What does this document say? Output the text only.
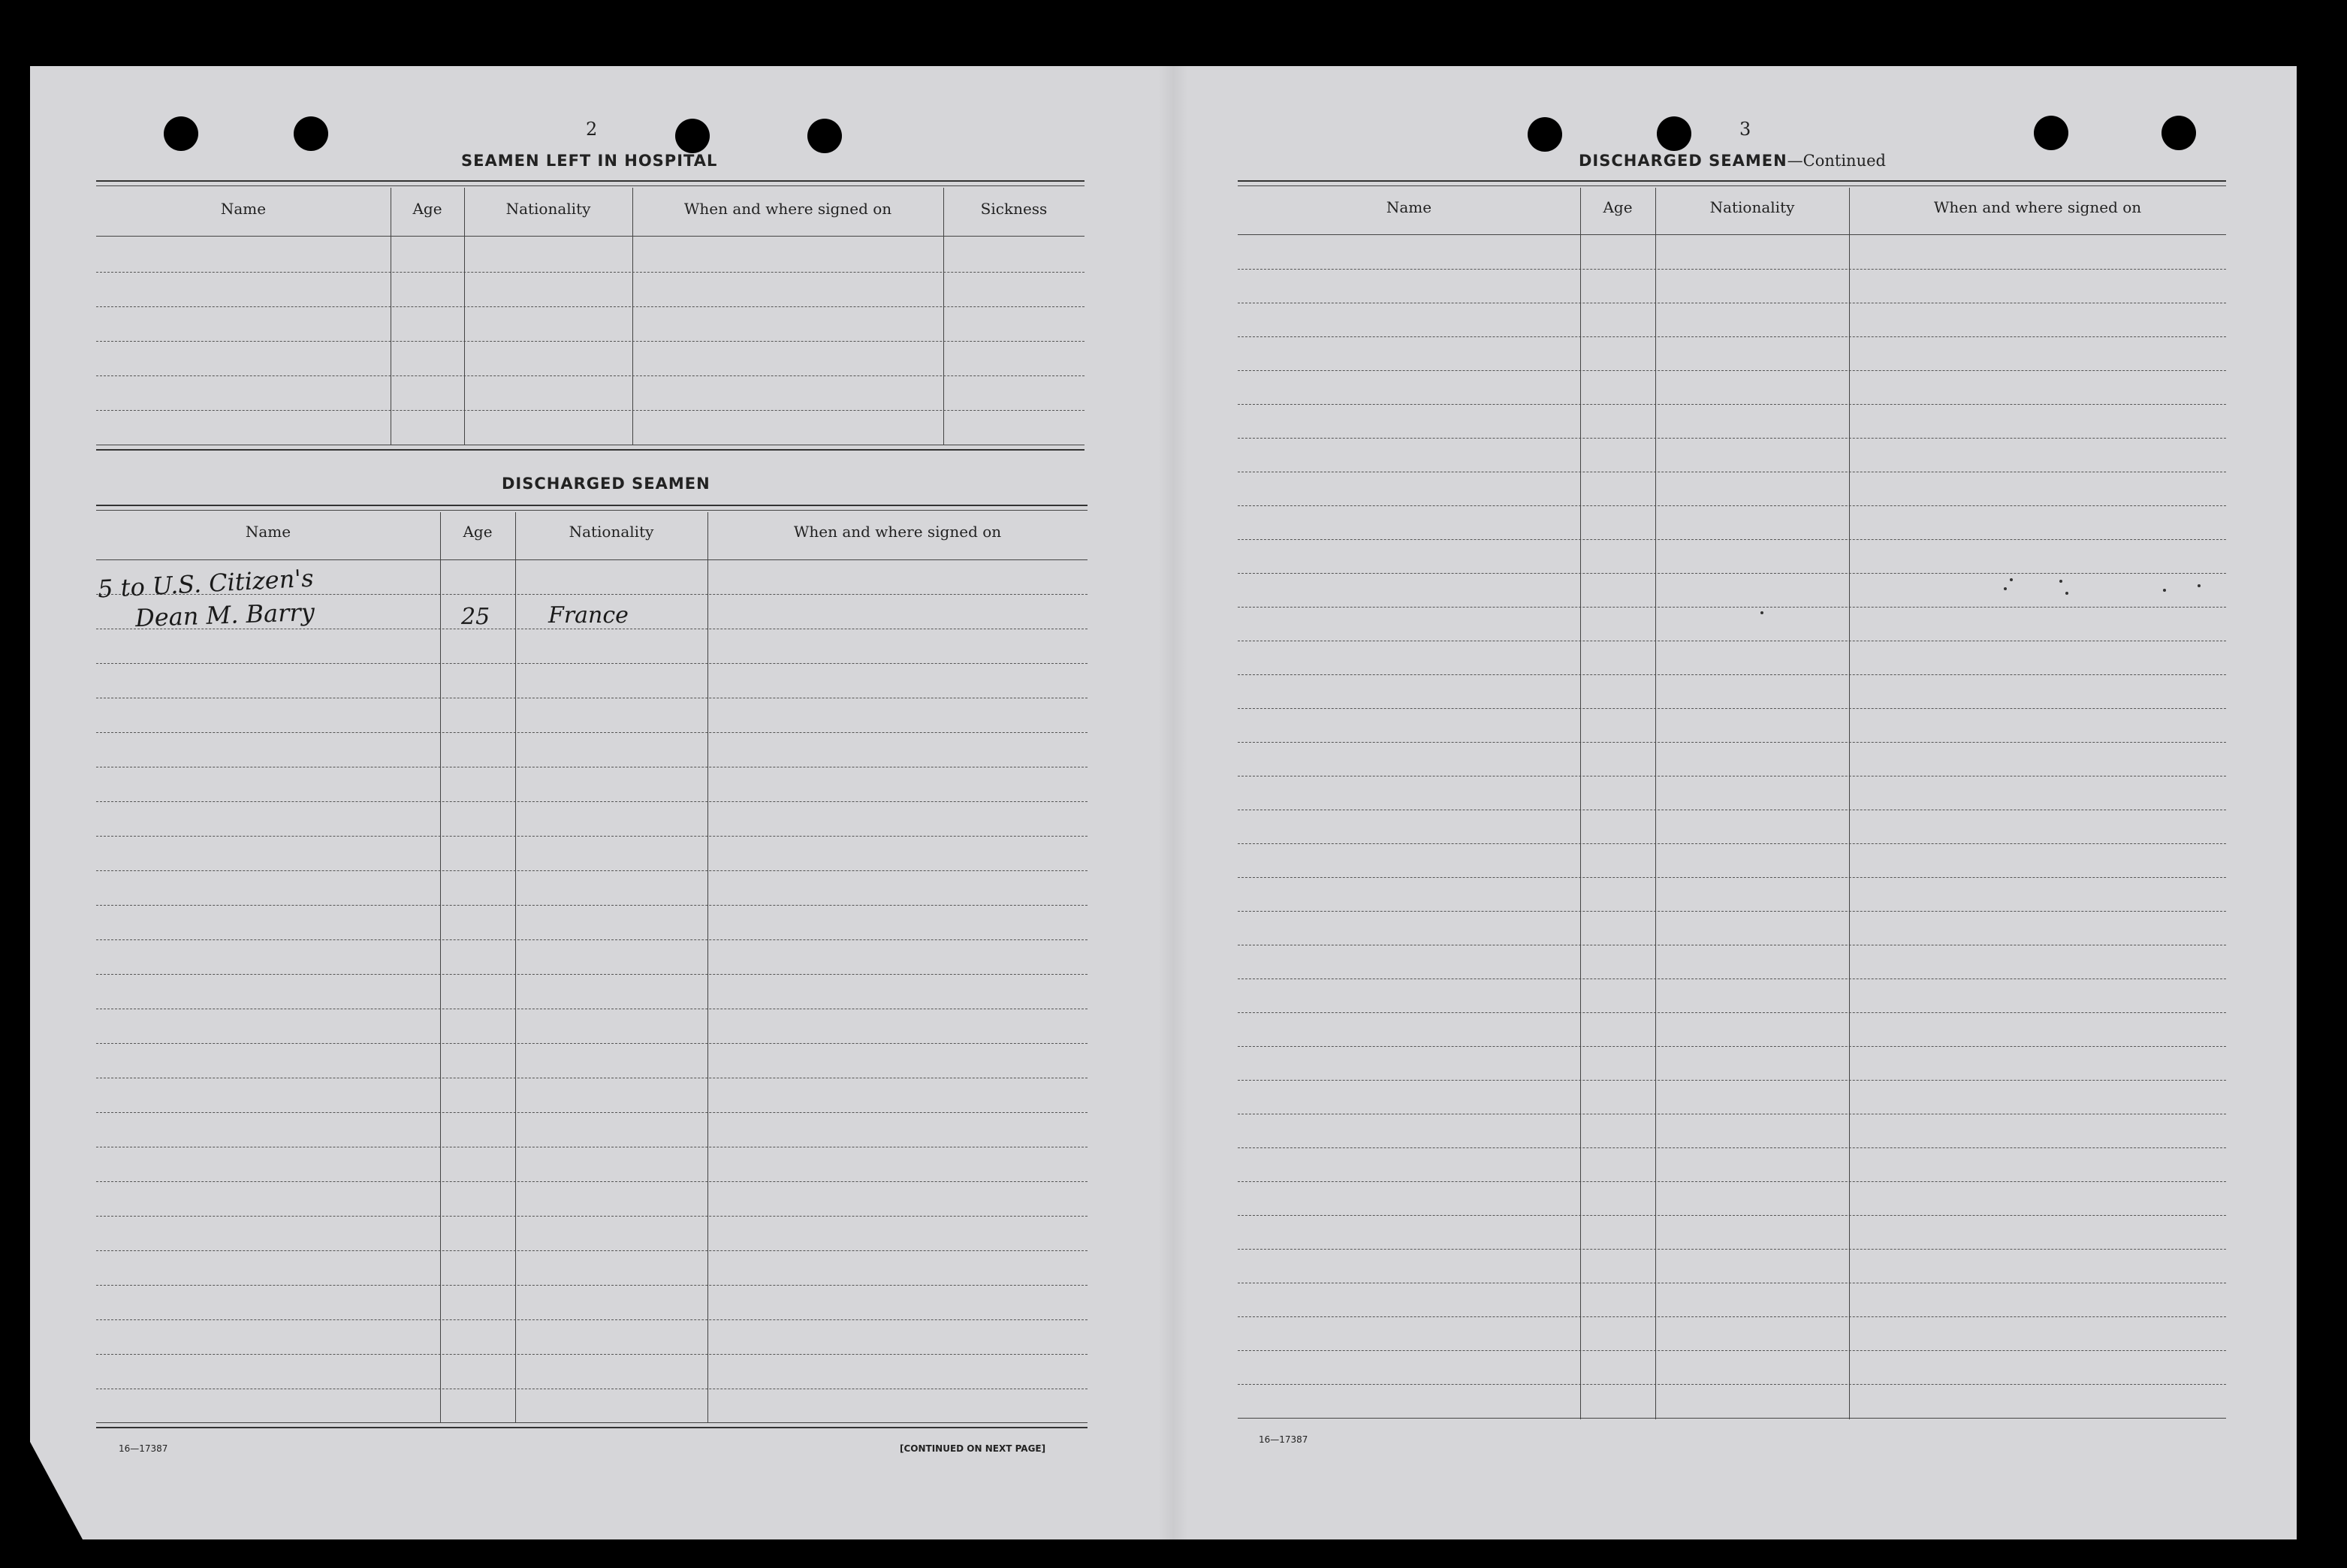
2
SEAMEN LEFT IN HOSPITAL
Name	Age	Nationality	When and where signed on	Sickness
DISCHARGED SEAMEN
Name	Age	Nationality	When and where signed on
5 to U.S. Citizen's
Dean M. Barry	25	France
16—17387	[CONTINUED ON NEXT PAGE]
3
DISCHARGED SEAMEN—Continued
Name	Age	Nationality	When and where signed on
16—17387
